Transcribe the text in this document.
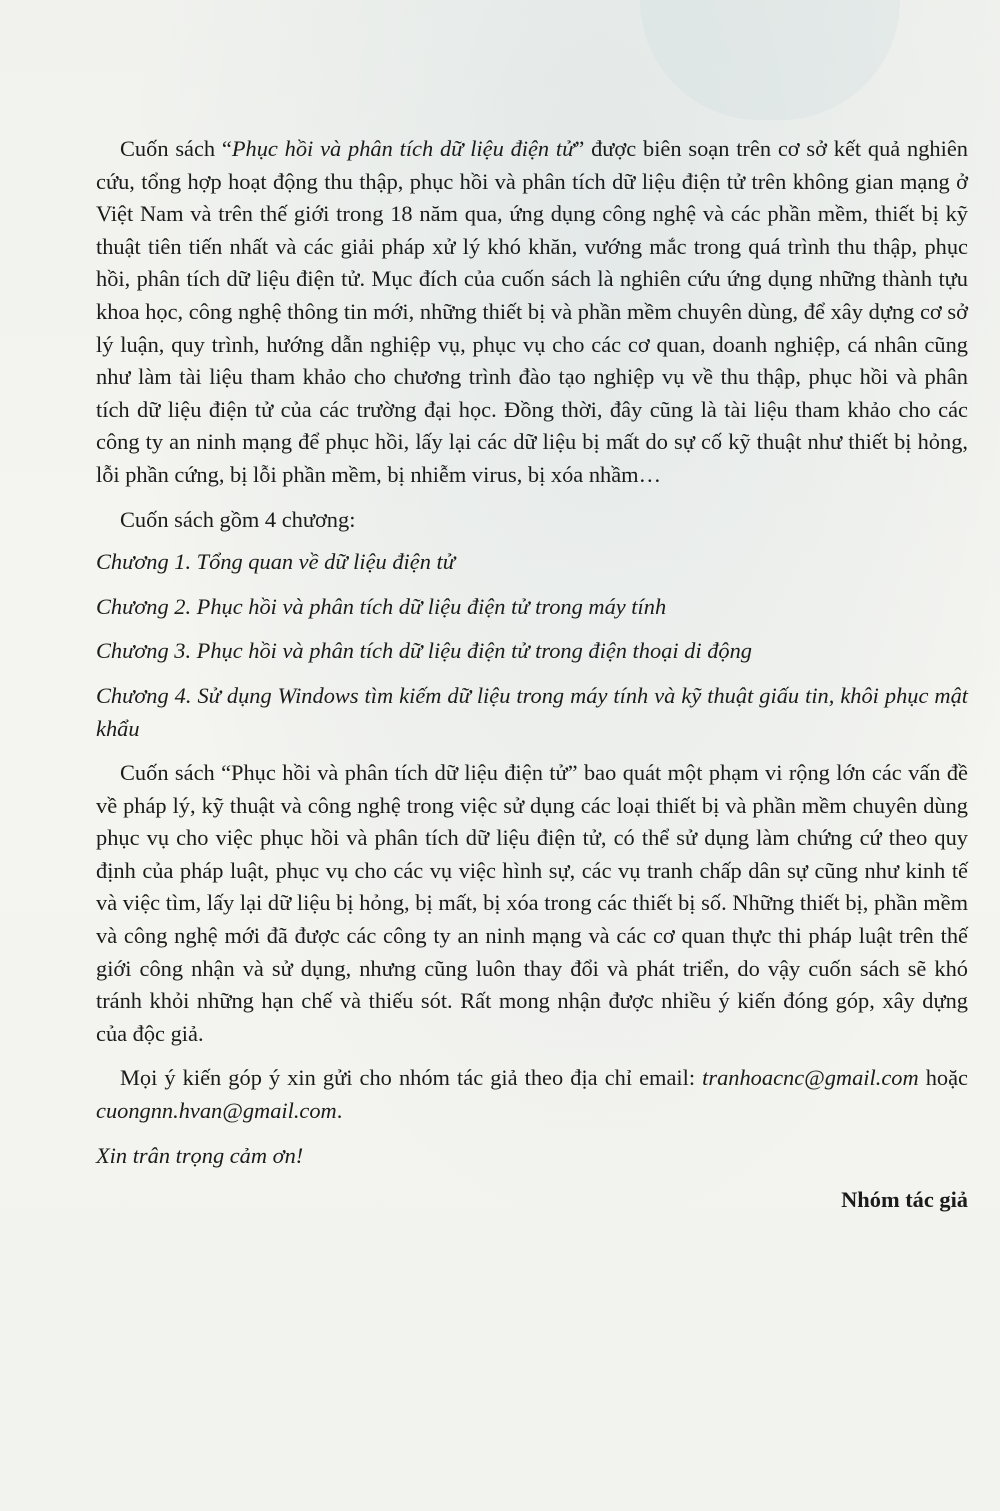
Cuốn sách “Phục hồi và phân tích dữ liệu điện tử” được biên soạn trên cơ sở kết quả nghiên cứu, tổng hợp hoạt động thu thập, phục hồi và phân tích dữ liệu điện tử trên không gian mạng ở Việt Nam và trên thế giới trong 18 năm qua, ứng dụng công nghệ và các phần mềm, thiết bị kỹ thuật tiên tiến nhất và các giải pháp xử lý khó khăn, vướng mắc trong quá trình thu thập, phục hồi, phân tích dữ liệu điện tử. Mục đích của cuốn sách là nghiên cứu ứng dụng những thành tựu khoa học, công nghệ thông tin mới, những thiết bị và phần mềm chuyên dùng, để xây dựng cơ sở lý luận, quy trình, hướng dẫn nghiệp vụ, phục vụ cho các cơ quan, doanh nghiệp, cá nhân cũng như làm tài liệu tham khảo cho chương trình đào tạo nghiệp vụ về thu thập, phục hồi và phân tích dữ liệu điện tử của các trường đại học. Đồng thời, đây cũng là tài liệu tham khảo cho các công ty an ninh mạng để phục hồi, lấy lại các dữ liệu bị mất do sự cố kỹ thuật như thiết bị hỏng, lỗi phần cứng, bị lỗi phần mềm, bị nhiễm virus, bị xóa nhầm…

Cuốn sách gồm 4 chương:

Chương 1. Tổng quan về dữ liệu điện tử

Chương 2. Phục hồi và phân tích dữ liệu điện tử trong máy tính

Chương 3. Phục hồi và phân tích dữ liệu điện tử trong điện thoại di động

Chương 4. Sử dụng Windows tìm kiếm dữ liệu trong máy tính và kỹ thuật giấu tin, khôi phục mật khẩu

Cuốn sách “Phục hồi và phân tích dữ liệu điện tử” bao quát một phạm vi rộng lớn các vấn đề về pháp lý, kỹ thuật và công nghệ trong việc sử dụng các loại thiết bị và phần mềm chuyên dùng phục vụ cho việc phục hồi và phân tích dữ liệu điện tử, có thể sử dụng làm chứng cứ theo quy định của pháp luật, phục vụ cho các vụ việc hình sự, các vụ tranh chấp dân sự cũng như kinh tế và việc tìm, lấy lại dữ liệu bị hỏng, bị mất, bị xóa trong các thiết bị số. Những thiết bị, phần mềm và công nghệ mới đã được các công ty an ninh mạng và các cơ quan thực thi pháp luật trên thế giới công nhận và sử dụng, nhưng cũng luôn thay đổi và phát triển, do vậy cuốn sách sẽ khó tránh khỏi những hạn chế và thiếu sót. Rất mong nhận được nhiều ý kiến đóng góp, xây dựng của độc giả.

Mọi ý kiến góp ý xin gửi cho nhóm tác giả theo địa chỉ email: tranhoacnc@gmail.com hoặc cuongnn.hvan@gmail.com.

Xin trân trọng cảm ơn!

Nhóm tác giả
